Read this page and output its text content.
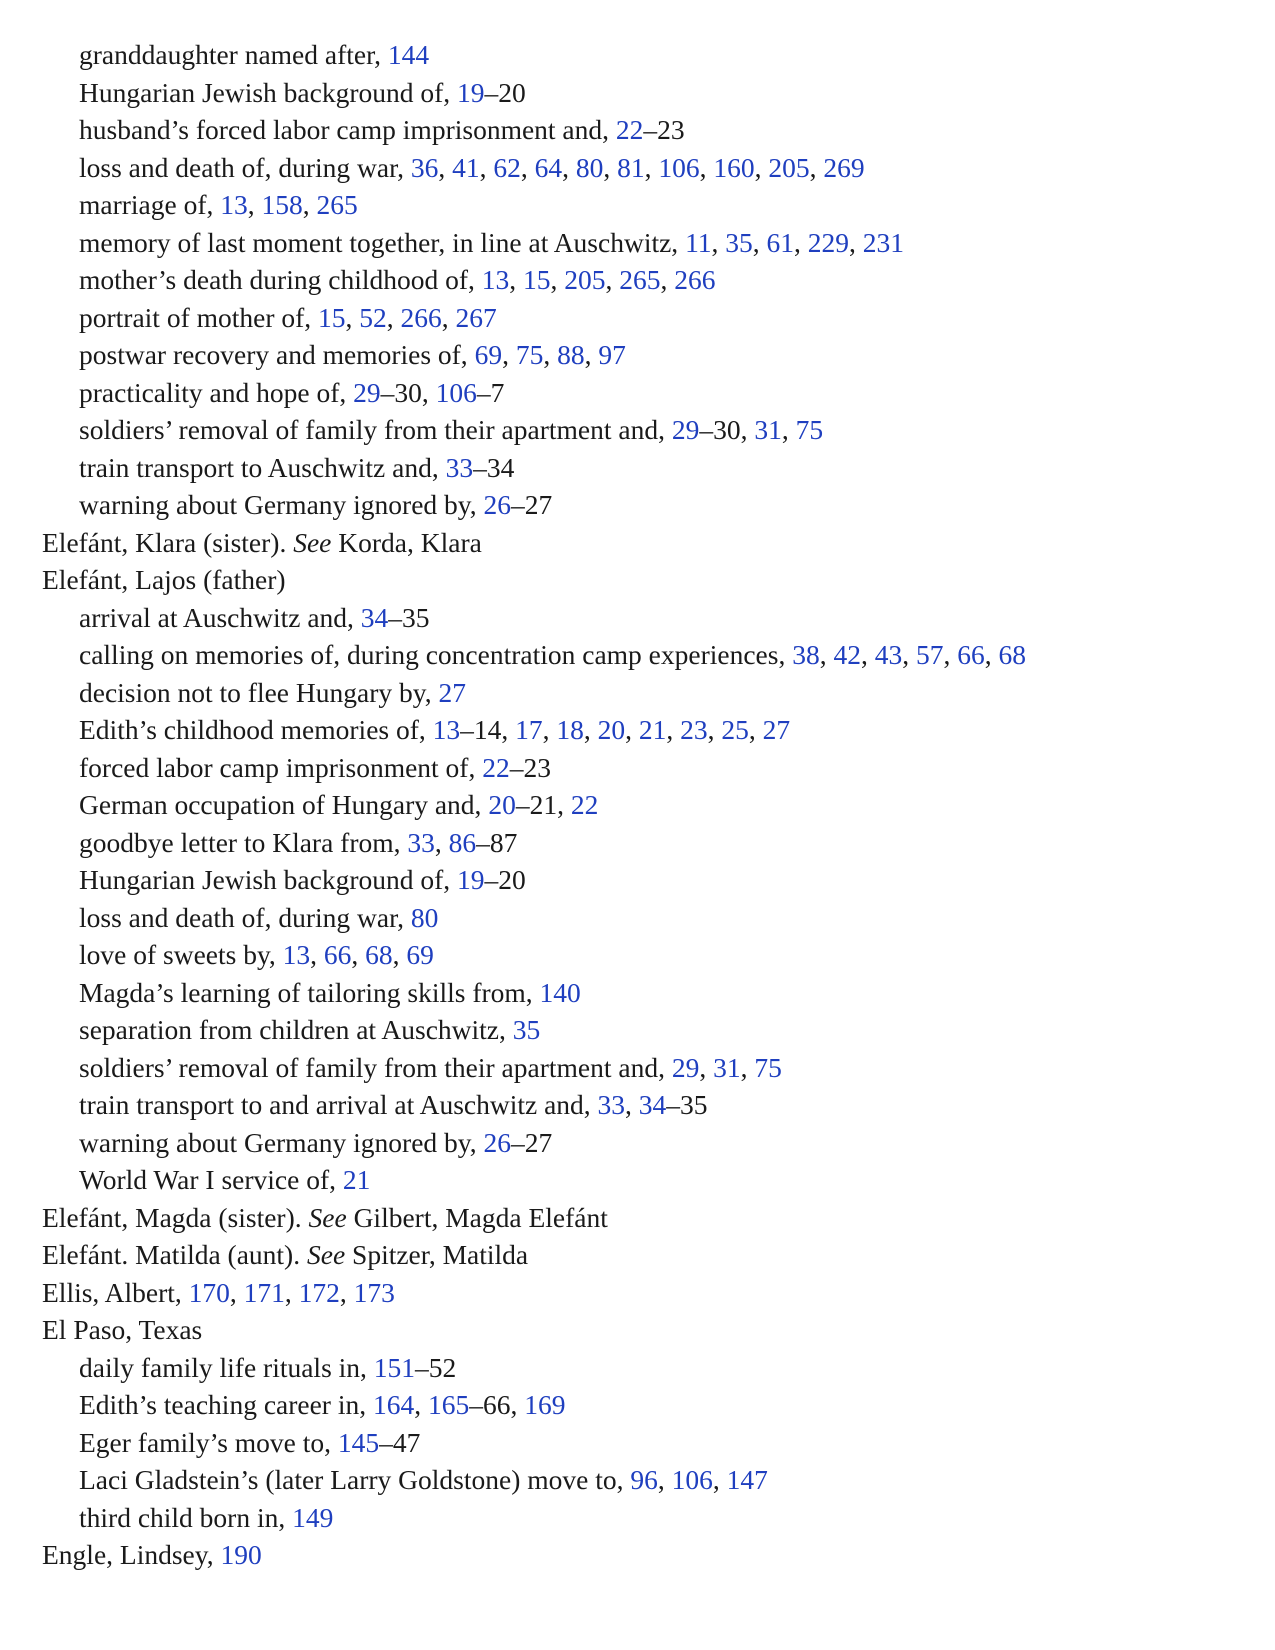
granddaughter named after, 144
Hungarian Jewish background of, 19–20
husband’s forced labor camp imprisonment and, 22–23
loss and death of, during war, 36, 41, 62, 64, 80, 81, 106, 160, 205, 269
marriage of, 13, 158, 265
memory of last moment together, in line at Auschwitz, 11, 35, 61, 229, 231
mother’s death during childhood of, 13, 15, 205, 265, 266
portrait of mother of, 15, 52, 266, 267
postwar recovery and memories of, 69, 75, 88, 97
practicality and hope of, 29–30, 106–7
soldiers’ removal of family from their apartment and, 29–30, 31, 75
train transport to Auschwitz and, 33–34
warning about Germany ignored by, 26–27
Elefánt, Klara (sister). See Korda, Klara
Elefánt, Lajos (father)
arrival at Auschwitz and, 34–35
calling on memories of, during concentration camp experiences, 38, 42, 43, 57, 66, 68
decision not to flee Hungary by, 27
Edith’s childhood memories of, 13–14, 17, 18, 20, 21, 23, 25, 27
forced labor camp imprisonment of, 22–23
German occupation of Hungary and, 20–21, 22
goodbye letter to Klara from, 33, 86–87
Hungarian Jewish background of, 19–20
loss and death of, during war, 80
love of sweets by, 13, 66, 68, 69
Magda’s learning of tailoring skills from, 140
separation from children at Auschwitz, 35
soldiers’ removal of family from their apartment and, 29, 31, 75
train transport to and arrival at Auschwitz and, 33, 34–35
warning about Germany ignored by, 26–27
World War I service of, 21
Elefánt, Magda (sister). See Gilbert, Magda Elefánt
Elefánt. Matilda (aunt). See Spitzer, Matilda
Ellis, Albert, 170, 171, 172, 173
El Paso, Texas
daily family life rituals in, 151–52
Edith’s teaching career in, 164, 165–66, 169
Eger family’s move to, 145–47
Laci Gladstein’s (later Larry Goldstone) move to, 96, 106, 147
third child born in, 149
Engle, Lindsey, 190
